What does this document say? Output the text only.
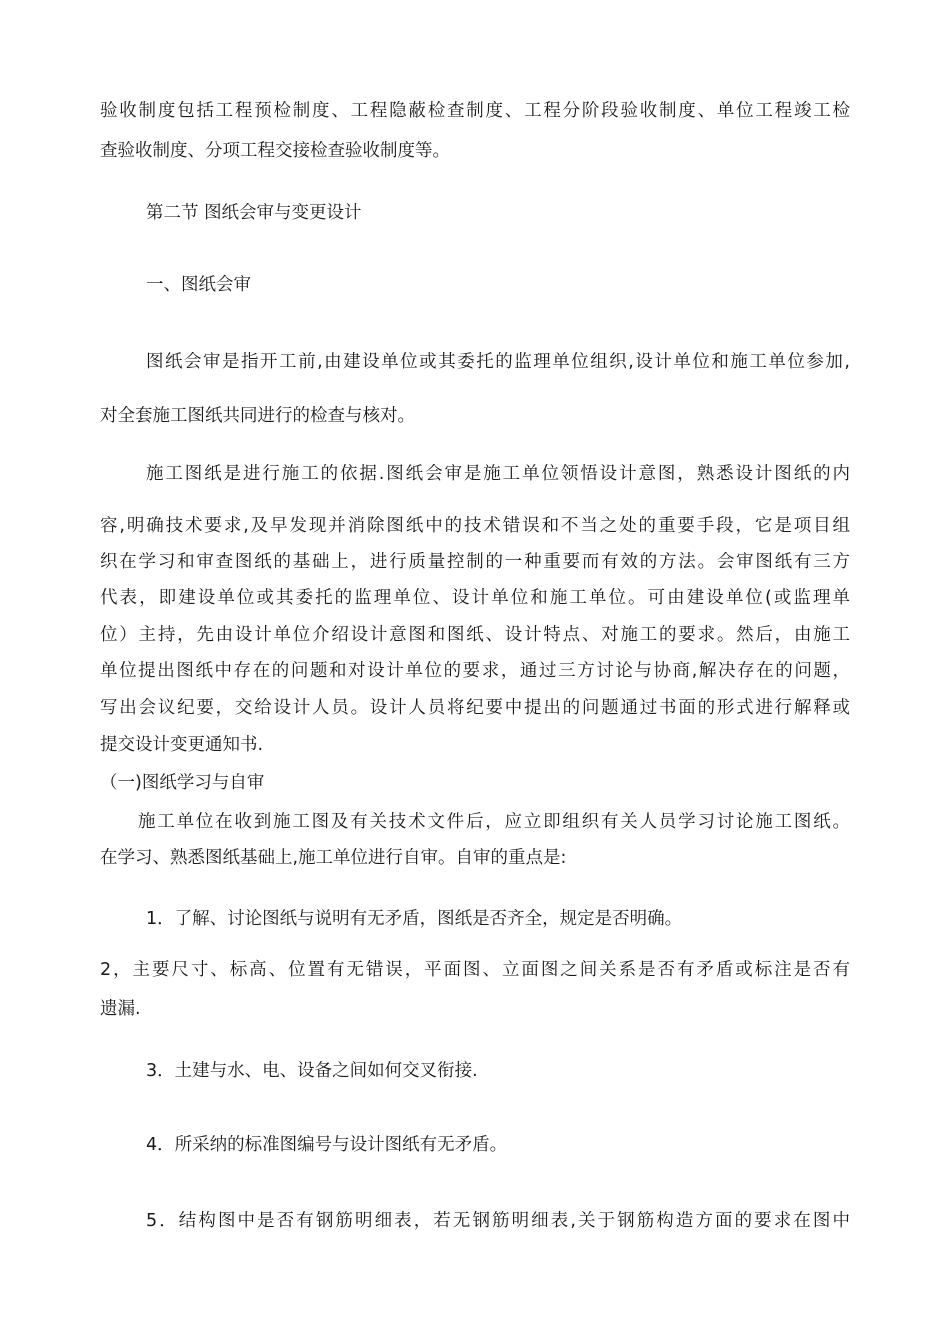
验收制度包括工程预检制度、工程隐蔽检查制度、工程分阶段验收制度、单位工程竣工检
查验收制度、分项工程交接检查验收制度等。
第二节 图纸会审与变更设计
一、图纸会审
图纸会审是指开工前,由建设单位或其委托的监理单位组织,设计单位和施工单位参加,
对全套施工图纸共同进行的检查与核对。
施工图纸是进行施工的依据.图纸会审是施工单位领悟设计意图，熟悉设计图纸的内
容,明确技术要求,及早发现并消除图纸中的技术错误和不当之处的重要手段，它是项目组
织在学习和审查图纸的基础上，进行质量控制的一种重要而有效的方法。会审图纸有三方
代表，即建设单位或其委托的监理单位、设计单位和施工单位。可由建设单位(或监理单
位）主持，先由设计单位介绍设计意图和图纸、设计特点、对施工的要求。然后，由施工
单位提出图纸中存在的问题和对设计单位的要求，通过三方讨论与协商,解决存在的问题，
写出会议纪要，交给设计人员。设计人员将纪要中提出的问题通过书面的形式进行解释或
提交设计变更通知书.
（一)图纸学习与自审
施工单位在收到施工图及有关技术文件后，应立即组织有关人员学习讨论施工图纸。
在学习、熟悉图纸基础上,施工单位进行自审。自审的重点是:
1．了解、讨论图纸与说明有无矛盾，图纸是否齐全，规定是否明确。
2，主要尺寸、标高、位置有无错误，平面图、立面图之间关系是否有矛盾或标注是否有
遗漏.
3．土建与水、电、设备之间如何交叉衔接.
4．所采纳的标准图编号与设计图纸有无矛盾。
5．结构图中是否有钢筋明细表，若无钢筋明细表,关于钢筋构造方面的要求在图中
